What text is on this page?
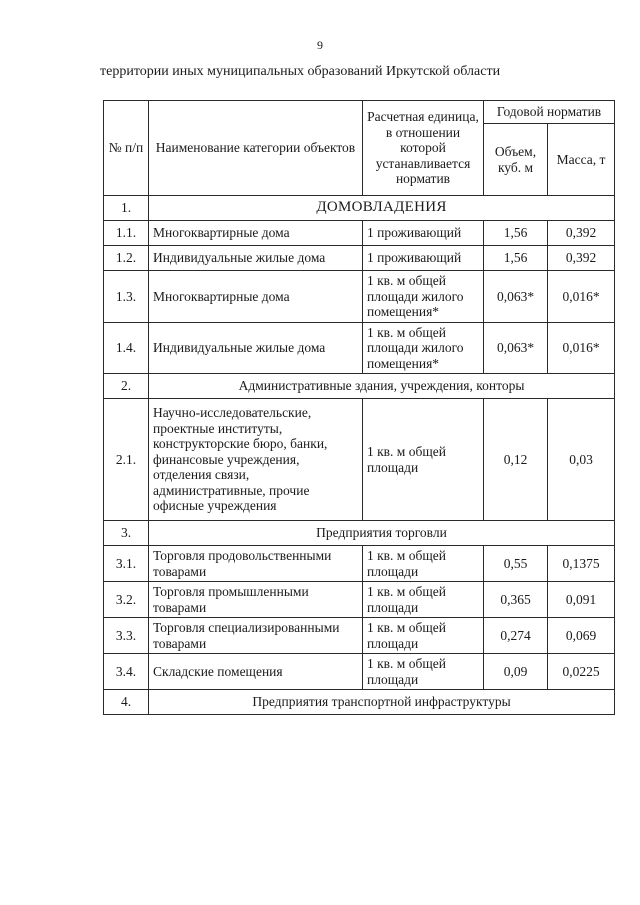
9
территории иных муниципальных образований Иркутской области
№ п/п	Наименование категории объектов	Расчетная единица, в отношении которой устанавливается норматив	Годовой норматив	
			Объем, куб. м	Масса, т
1.	ДОМОВЛАДЕНИЯ			
1.1.	Многоквартирные дома	1 проживающий	1,56	0,392
1.2.	Индивидуальные жилые дома	1 проживающий	1,56	0,392
1.3.	Многоквартирные дома	1 кв. м общей площади жилого помещения*	0,063*	0,016*
1.4.	Индивидуальные жилые дома	1 кв. м общей площади жилого помещения*	0,063*	0,016*
2.	Административные здания, учреждения, конторы			
2.1.	Научно-исследовательские, проектные институты, конструкторские бюро, банки, финансовые учреждения, отделения связи, административные, прочие офисные учреждения	1 кв. м общей площади	0,12	0,03
3.	Предприятия торговли			
3.1.	Торговля продовольственными товарами	1 кв. м общей площади	0,55	0,1375
3.2.	Торговля промышленными товарами	1 кв. м общей площади	0,365	0,091
3.3.	Торговля специализированными товарами	1 кв. м общей площади	0,274	0,069
3.4.	Складские помещения	1 кв. м общей площади	0,09	0,0225
4.	Предприятия транспортной инфраструктуры			
